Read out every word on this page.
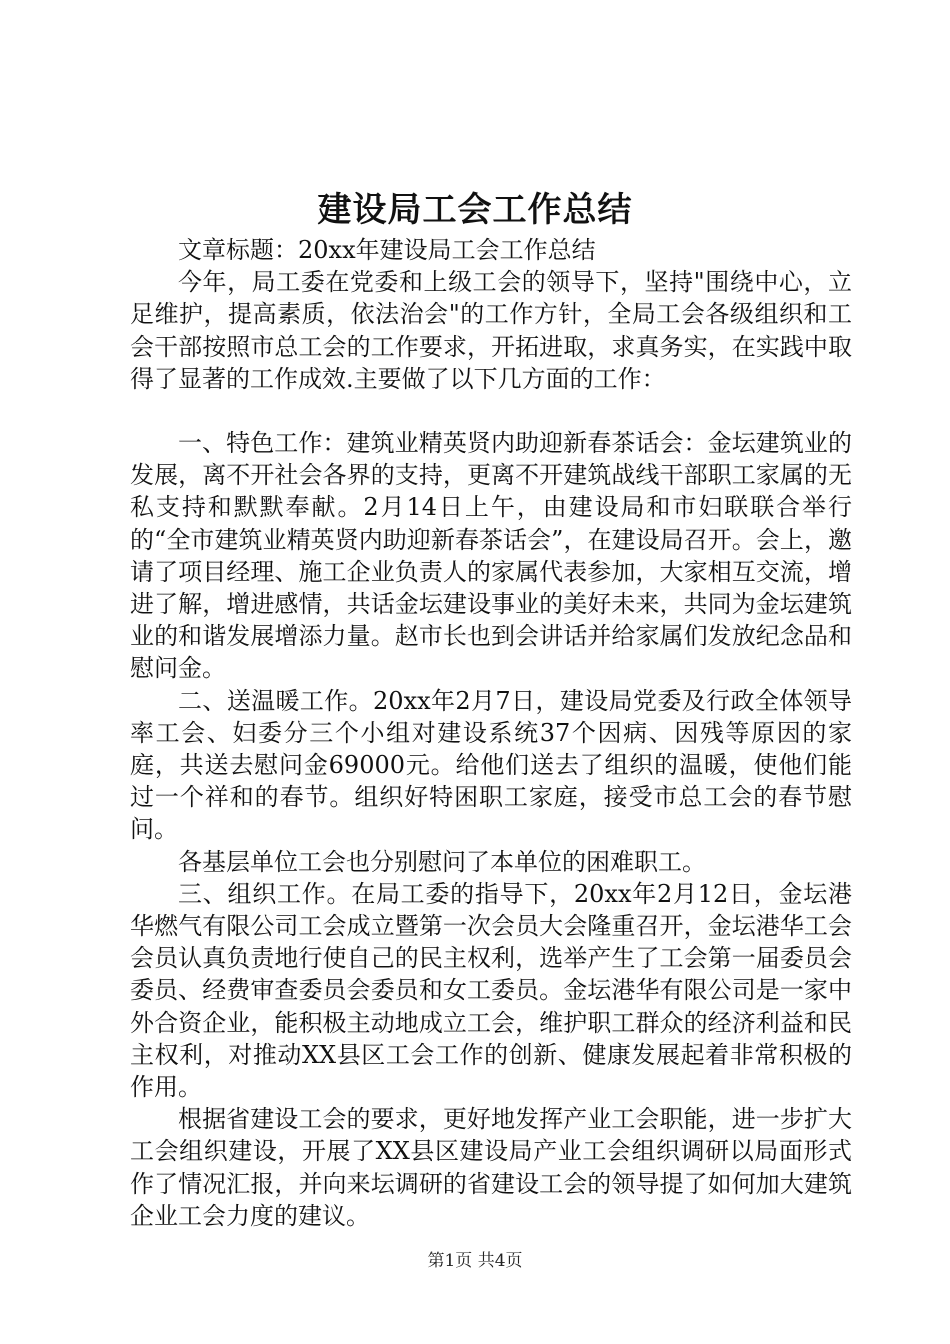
建设局工会工作总结

文章标题：20xx年建设局工会工作总结

今年，局工委在党委和上级工会的领导下，坚持"围绕中心，立足维护，提高素质，依法治会"的工作方针，全局工会各级组织和工会干部按照市总工会的工作要求，开拓进取，求真务实，在实践中取得了显著的工作成效.主要做了以下几方面的工作：

一、特色工作：建筑业精英贤内助迎新春茶话会：金坛建筑业的发展，离不开社会各界的支持，更离不开建筑战线干部职工家属的无私支持和默默奉献。2月14日上午，由建设局和市妇联联合举行的“全市建筑业精英贤内助迎新春茶话会”，在建设局召开。会上，邀请了项目经理、施工企业负责人的家属代表参加，大家相互交流，增进了解，增进感情，共话金坛建设事业的美好未来，共同为金坛建筑业的和谐发展增添力量。赵市长也到会讲话并给家属们发放纪念品和慰问金。

二、送温暖工作。20xx年2月7日，建设局党委及行政全体领导率工会、妇委分三个小组对建设系统37个因病、因残等原因的家庭，共送去慰问金69000元。给他们送去了组织的温暖，使他们能过一个祥和的春节。组织好特困职工家庭，接受市总工会的春节慰问。

各基层单位工会也分别慰问了本单位的困难职工。

三、组织工作。在局工委的指导下，20xx年2月12日，金坛港华燃气有限公司工会成立暨第一次会员大会隆重召开，金坛港华工会会员认真负责地行使自己的民主权利，选举产生了工会第一届委员会委员、经费审查委员会委员和女工委员。金坛港华有限公司是一家中外合资企业，能积极主动地成立工会，维护职工群众的经济利益和民主权利，对推动XX县区工会工作的创新、健康发展起着非常积极的作用。

根据省建设工会的要求，更好地发挥产业工会职能，进一步扩大工会组织建设，开展了XX县区建设局产业工会组织调研以局面形式作了情况汇报，并向来坛调研的省建设工会的领导提了如何加大建筑企业工会力度的建议。

第1页 共4页
